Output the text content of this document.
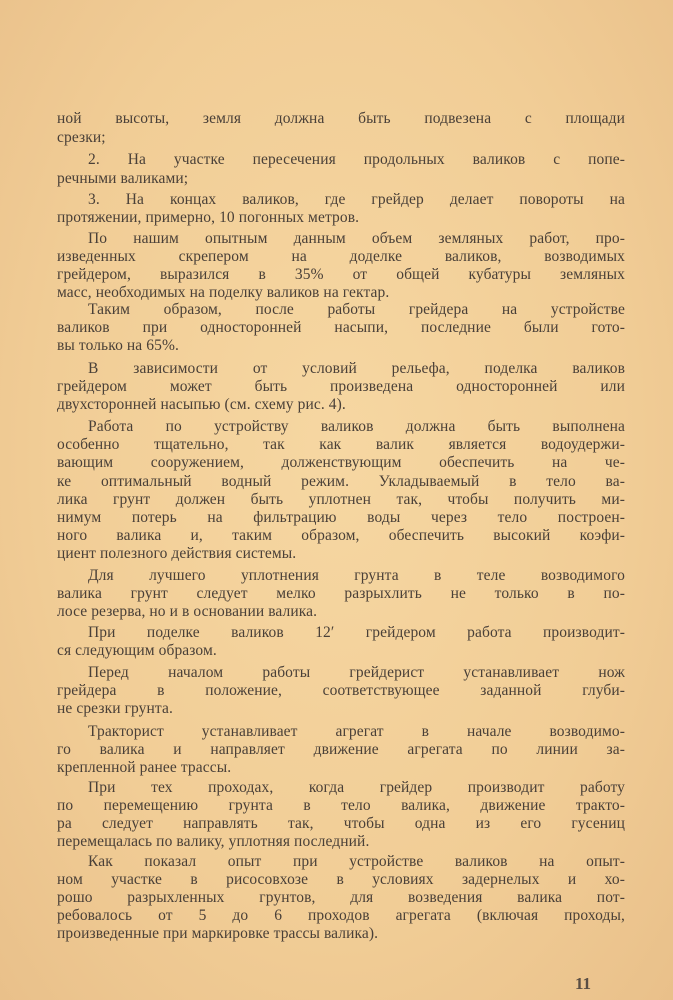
ной высоты, земля должна быть подвезена с площади
срезки;
2. На участке пересечения продольных валиков с попе-
речными валиками;
3. На концах валиков, где грейдер делает повороты на
протяжении, примерно, 10 погонных метров.
По нашим опытным данным объем земляных работ, про-
изведенных скрепером на доделке валиков, возводимых
грейдером, выразился в 35% от общей кубатуры земляных
масс, необходимых на поделку валиков на гектар.
Таким образом, после работы грейдера на устройстве
валиков при односторонней насыпи, последние были гото-
вы только на 65%.
В зависимости от условий рельефа, поделка валиков
грейдером может быть произведена односторонней или
двухсторонней насыпью (см. схему рис. 4).
Работа по устройству валиков должна быть выполнена
особенно тщательно, так как валик является водоудержи-
вающим сооружением, долженствующим обеспечить на че-
ке оптимальный водный режим. Укладываемый в тело ва-
лика грунт должен быть уплотнен так, чтобы получить ми-
нимум потерь на фильтрацию воды через тело построен-
ного валика и, таким образом, обеспечить высокий коэфи-
циент полезного действия системы.
Для лучшего уплотнения грунта в теле возводимого
валика грунт следует мелко разрыхлить не только в по-
лосе резерва, но и в основании валика.
При поделке валиков 12′ грейдером работа производит-
ся следующим образом.
Перед началом работы грейдерист устанавливает нож
грейдера в положение, соответствующее заданной глуби-
не срезки грунта.
Тракторист устанавливает агрегат в начале возводимо-
го валика и направляет движение агрегата по линии за-
крепленной ранее трассы.
При тех проходах, когда грейдер производит работу
по перемещению грунта в тело валика, движение тракто-
ра следует направлять так, чтобы одна из его гусениц
перемещалась по валику, уплотняя последний.
Как показал опыт при устройстве валиков на опыт-
ном участке в рисосовхозе в условиях задернелых и хо-
рошо разрыхленных грунтов, для возведения валика пот-
ребовалось от 5 до 6 проходов агрегата (включая проходы,
произведенные при маркировке трассы валика).
11
